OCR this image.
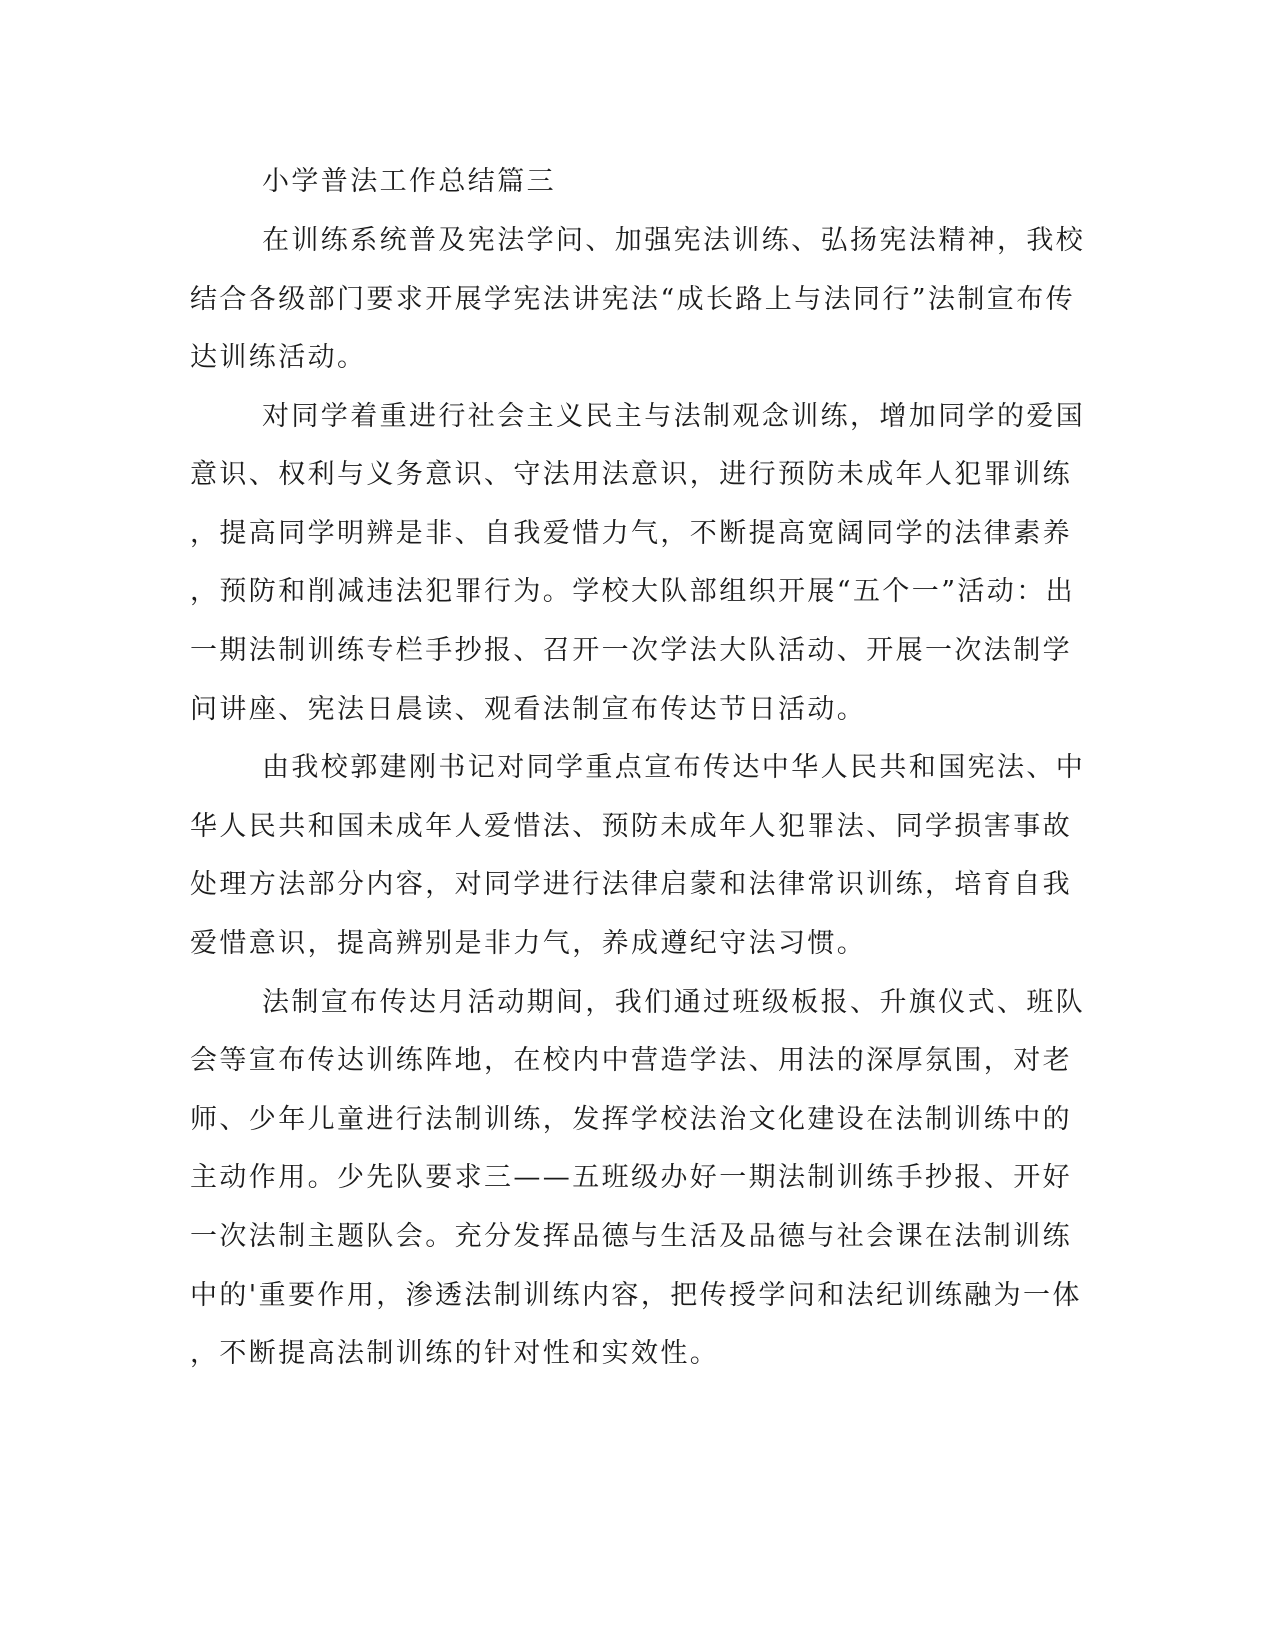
小学普法工作总结篇三
在训练系统普及宪法学问、加强宪法训练、弘扬宪法精神，我校
结合各级部门要求开展学宪法讲宪法“成长路上与法同行”法制宣布传
达训练活动。
对同学着重进行社会主义民主与法制观念训练，增加同学的爱国
意识、权利与义务意识、守法用法意识，进行预防未成年人犯罪训练
，提高同学明辨是非、自我爱惜力气，不断提高宽阔同学的法律素养
，预防和削减违法犯罪行为。学校大队部组织开展“五个一”活动：出
一期法制训练专栏手抄报、召开一次学法大队活动、开展一次法制学
问讲座、宪法日晨读、观看法制宣布传达节日活动。
由我校郭建刚书记对同学重点宣布传达中华人民共和国宪法、中
华人民共和国未成年人爱惜法、预防未成年人犯罪法、同学损害事故
处理方法部分内容，对同学进行法律启蒙和法律常识训练，培育自我
爱惜意识，提高辨别是非力气，养成遵纪守法习惯。
法制宣布传达月活动期间，我们通过班级板报、升旗仪式、班队
会等宣布传达训练阵地，在校内中营造学法、用法的深厚氛围，对老
师、少年儿童进行法制训练，发挥学校法治文化建设在法制训练中的
主动作用。少先队要求三——五班级办好一期法制训练手抄报、开好
一次法制主题队会。充分发挥品德与生活及品德与社会课在法制训练
中的'重要作用，渗透法制训练内容，把传授学问和法纪训练融为一体
，不断提高法制训练的针对性和实效性。
